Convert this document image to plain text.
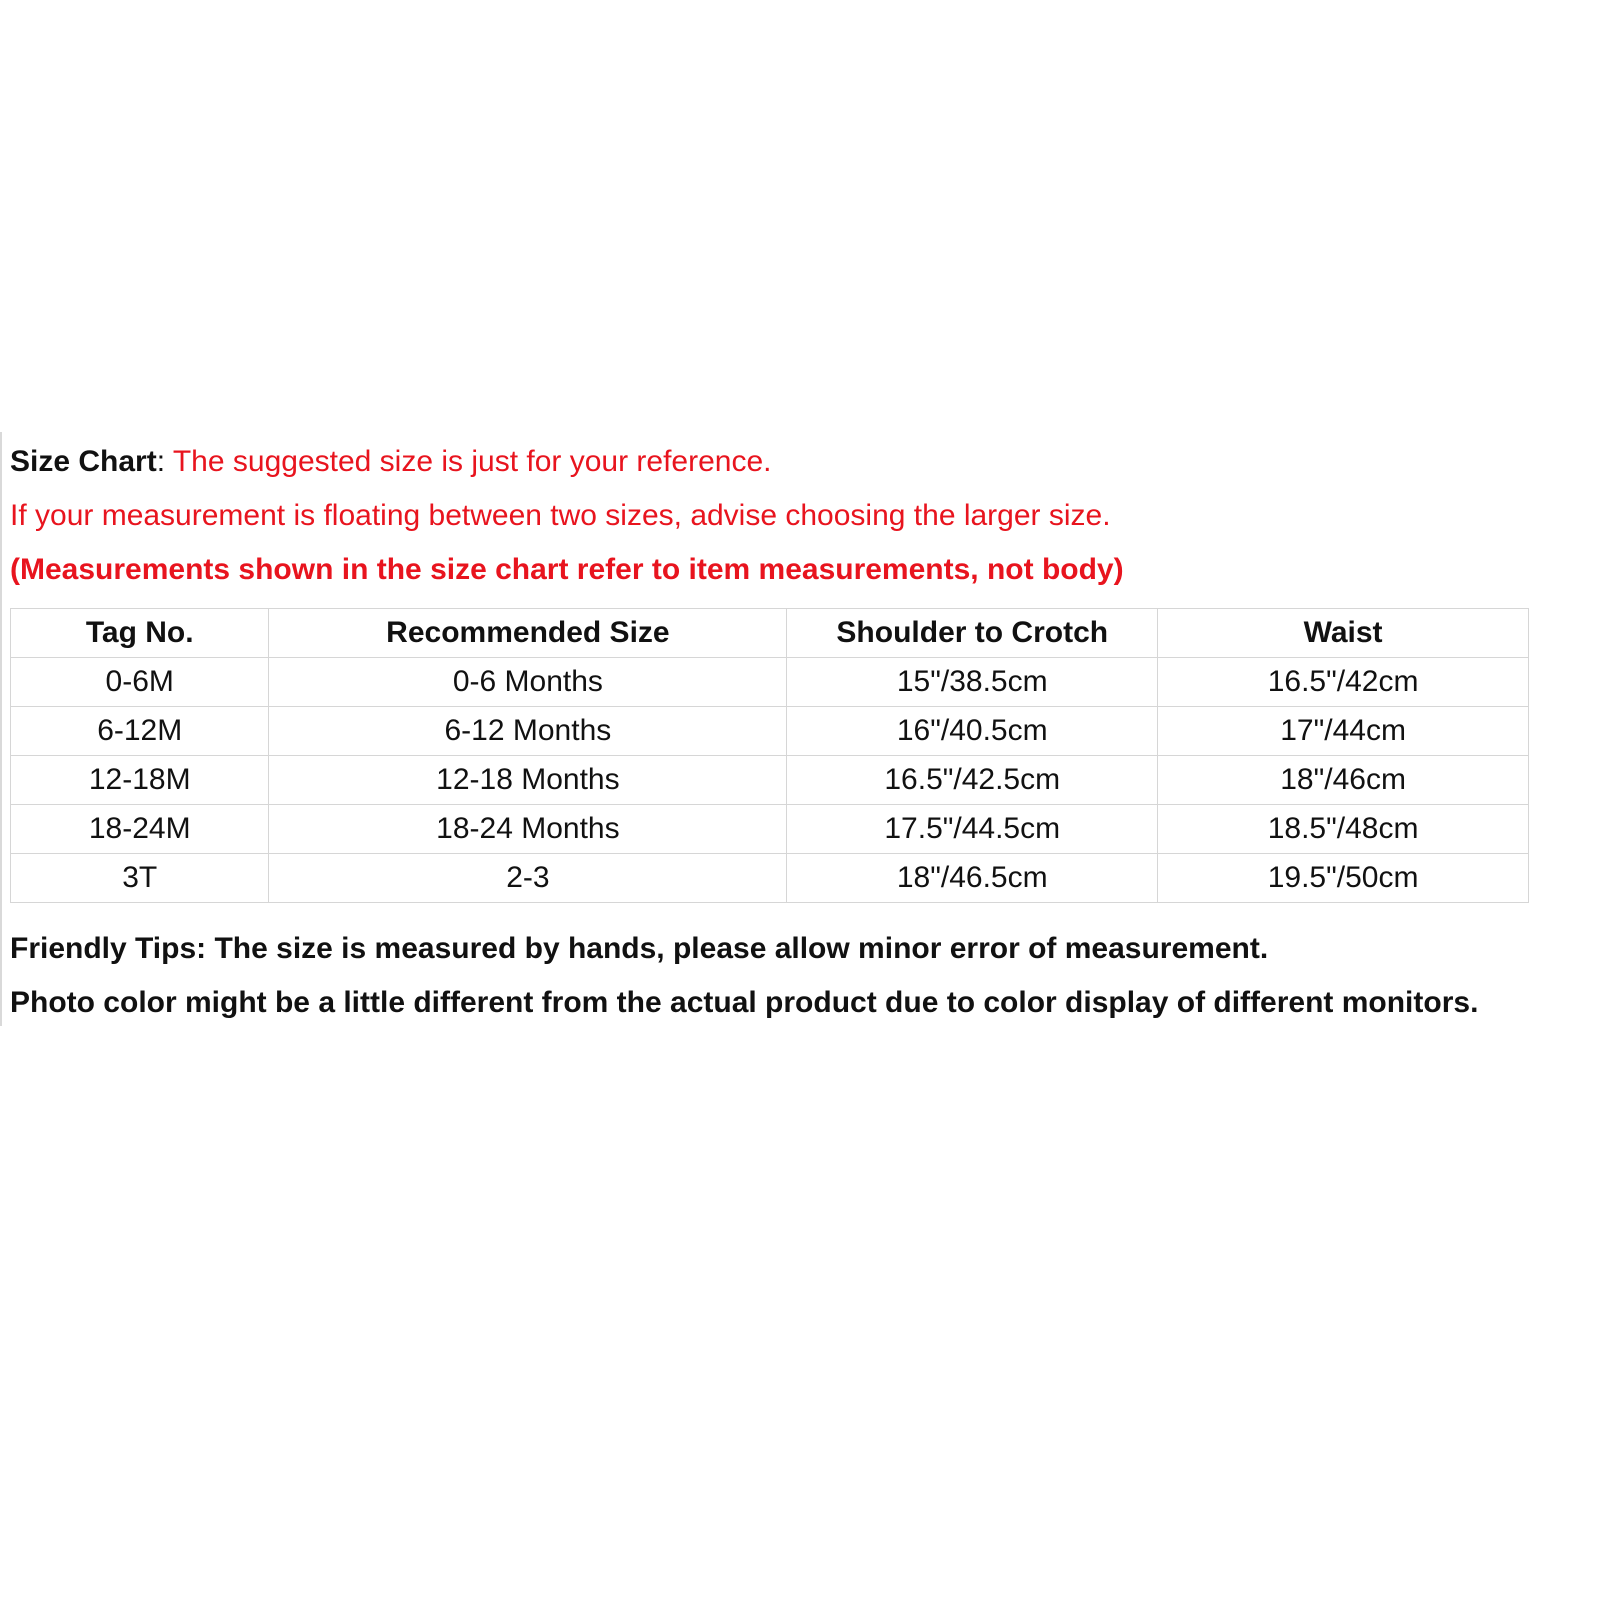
Size Chart: The suggested size is just for your reference.

If your measurement is floating between two sizes, advise choosing the larger size.

(Measurements shown in the size chart refer to item measurements, not body)

Tag No.	Recommended Size	Shoulder to Crotch	Waist
0-6M	0-6 Months	15"/38.5cm	16.5"/42cm
6-12M	6-12 Months	16"/40.5cm	17"/44cm
12-18M	12-18 Months	16.5"/42.5cm	18"/46cm
18-24M	18-24 Months	17.5"/44.5cm	18.5"/48cm
3T	2-3	18"/46.5cm	19.5"/50cm

Friendly Tips: The size is measured by hands, please allow minor error of measurement.

Photo color might be a little different from the actual product due to color display of different monitors.
